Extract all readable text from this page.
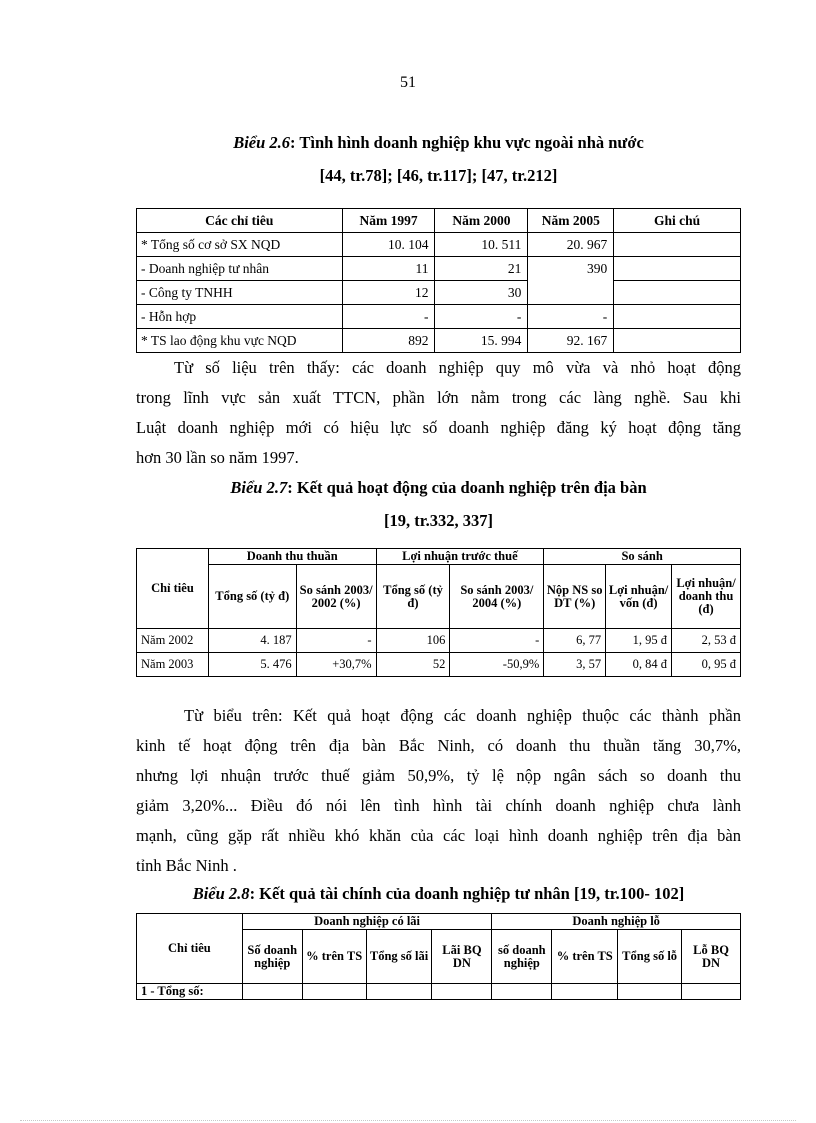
51
Biểu 2.6: Tình hình doanh nghiệp khu vực ngoài nhà nước
[44, tr.78]; [46, tr.117]; [47, tr.212]
Các chỉ tiêu	Năm 1997	Năm 2000	Năm 2005	Ghi chú
* Tổng số cơ sở SX NQD	10. 104	10. 511	20. 967	
- Doanh nghiệp tư nhân	11	21	390	
- Công ty TNHH	12	30		
- Hỗn hợp	-	-	-	
* TS lao động khu vực NQD	892	15. 994	92. 167	
Từ số liệu trên thấy: các doanh nghiệp quy mô vừa và nhỏ hoạt động
trong lĩnh vực sản xuất TTCN, phần lớn nằm trong các làng nghề. Sau khi
Luật doanh nghiệp mới có hiệu lực số doanh nghiệp đăng ký hoạt động tăng
hơn 30 lần so năm 1997.
Biểu 2.7: Kết quả hoạt động của doanh nghiệp trên địa bàn
[19, tr.332, 337]
Chỉ tiêu	Doanh thu thuần		Lợi nhuận trước thuế		So sánh		
	Tổng số (tỷ đ)	So sánh 2003/ 2002 (%)	Tổng số (tỷ đ)	So sánh 2003/ 2004 (%)	Nộp NS so DT (%)	Lợi nhuận/ vốn (đ)	Lợi nhuận/ doanh thu (đ)
Năm 2002	4. 187	-	106	-	6, 77	1, 95 đ	2, 53 đ
Năm 2003	5. 476	+30,7%	52	-50,9%	3, 57	0, 84 đ	0, 95 đ
Từ biểu trên: Kết quả hoạt động các doanh nghiệp thuộc các thành phần
kinh tế hoạt động trên địa bàn Bắc Ninh, có doanh thu thuần tăng 30,7%,
nhưng lợi nhuận trước thuế giảm 50,9%, tỷ lệ nộp ngân sách so doanh thu
giảm 3,20%... Điều đó nói lên tình hình tài chính doanh nghiệp chưa lành
mạnh, cũng gặp rất nhiều khó khăn của các loại hình doanh nghiệp trên địa bàn
tỉnh Bắc Ninh .
Biểu 2.8: Kết quả tài chính của doanh nghiệp tư nhân [19, tr.100- 102]
Chỉ tiêu	Doanh nghiệp có lãi				Doanh nghiệp lỗ			
	Số doanh nghiệp	% trên TS	Tổng số lãi	Lãi BQ DN	số doanh nghiệp	% trên TS	Tổng số lỗ	Lỗ BQ DN
1 - Tổng số:								
